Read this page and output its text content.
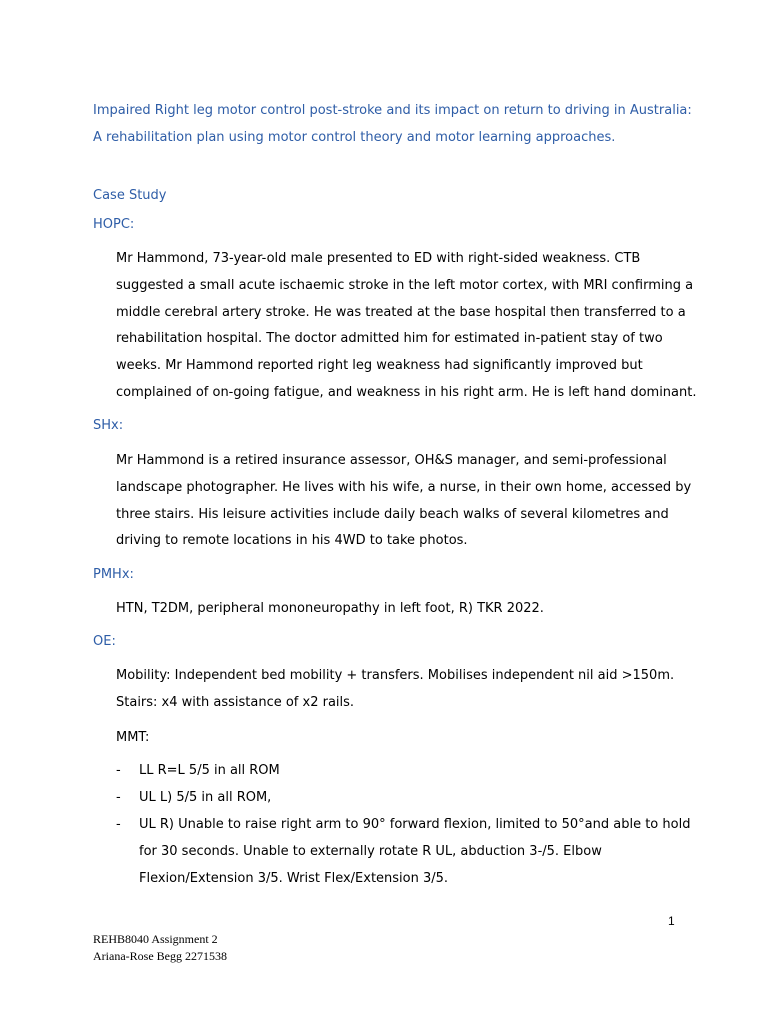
Impaired Right leg motor control post-stroke and its impact on return to driving in Australia:
A rehabilitation plan using motor control theory and motor learning approaches.
Case Study
HOPC:
Mr Hammond, 73-year-old male presented to ED with right-sided weakness. CTB
suggested a small acute ischaemic stroke in the left motor cortex, with MRI confirming a
middle cerebral artery stroke. He was treated at the base hospital then transferred to a
rehabilitation hospital. The doctor admitted him for estimated in-patient stay of two
weeks. Mr Hammond reported right leg weakness had significantly improved but
complained of on-going fatigue, and weakness in his right arm. He is left hand dominant.
SHx:
Mr Hammond is a retired insurance assessor, OH&S manager, and semi-professional
landscape photographer. He lives with his wife, a nurse, in their own home, accessed by
three stairs. His leisure activities include daily beach walks of several kilometres and
driving to remote locations in his 4WD to take photos.
PMHx:
HTN, T2DM, peripheral mononeuropathy in left foot, R) TKR 2022.
OE:
Mobility: Independent bed mobility + transfers. Mobilises independent nil aid >150m.
Stairs: x4 with assistance of x2 rails.
MMT:
- LL R=L 5/5 in all ROM
- UL L) 5/5 in all ROM,
- UL R) Unable to raise right arm to 90° forward flexion, limited to 50°and able to hold
for 30 seconds. Unable to externally rotate R UL, abduction 3-/5. Elbow
Flexion/Extension 3/5. Wrist Flex/Extension 3/5.
1
REHB8040 Assignment 2
Ariana-Rose Begg 2271538
